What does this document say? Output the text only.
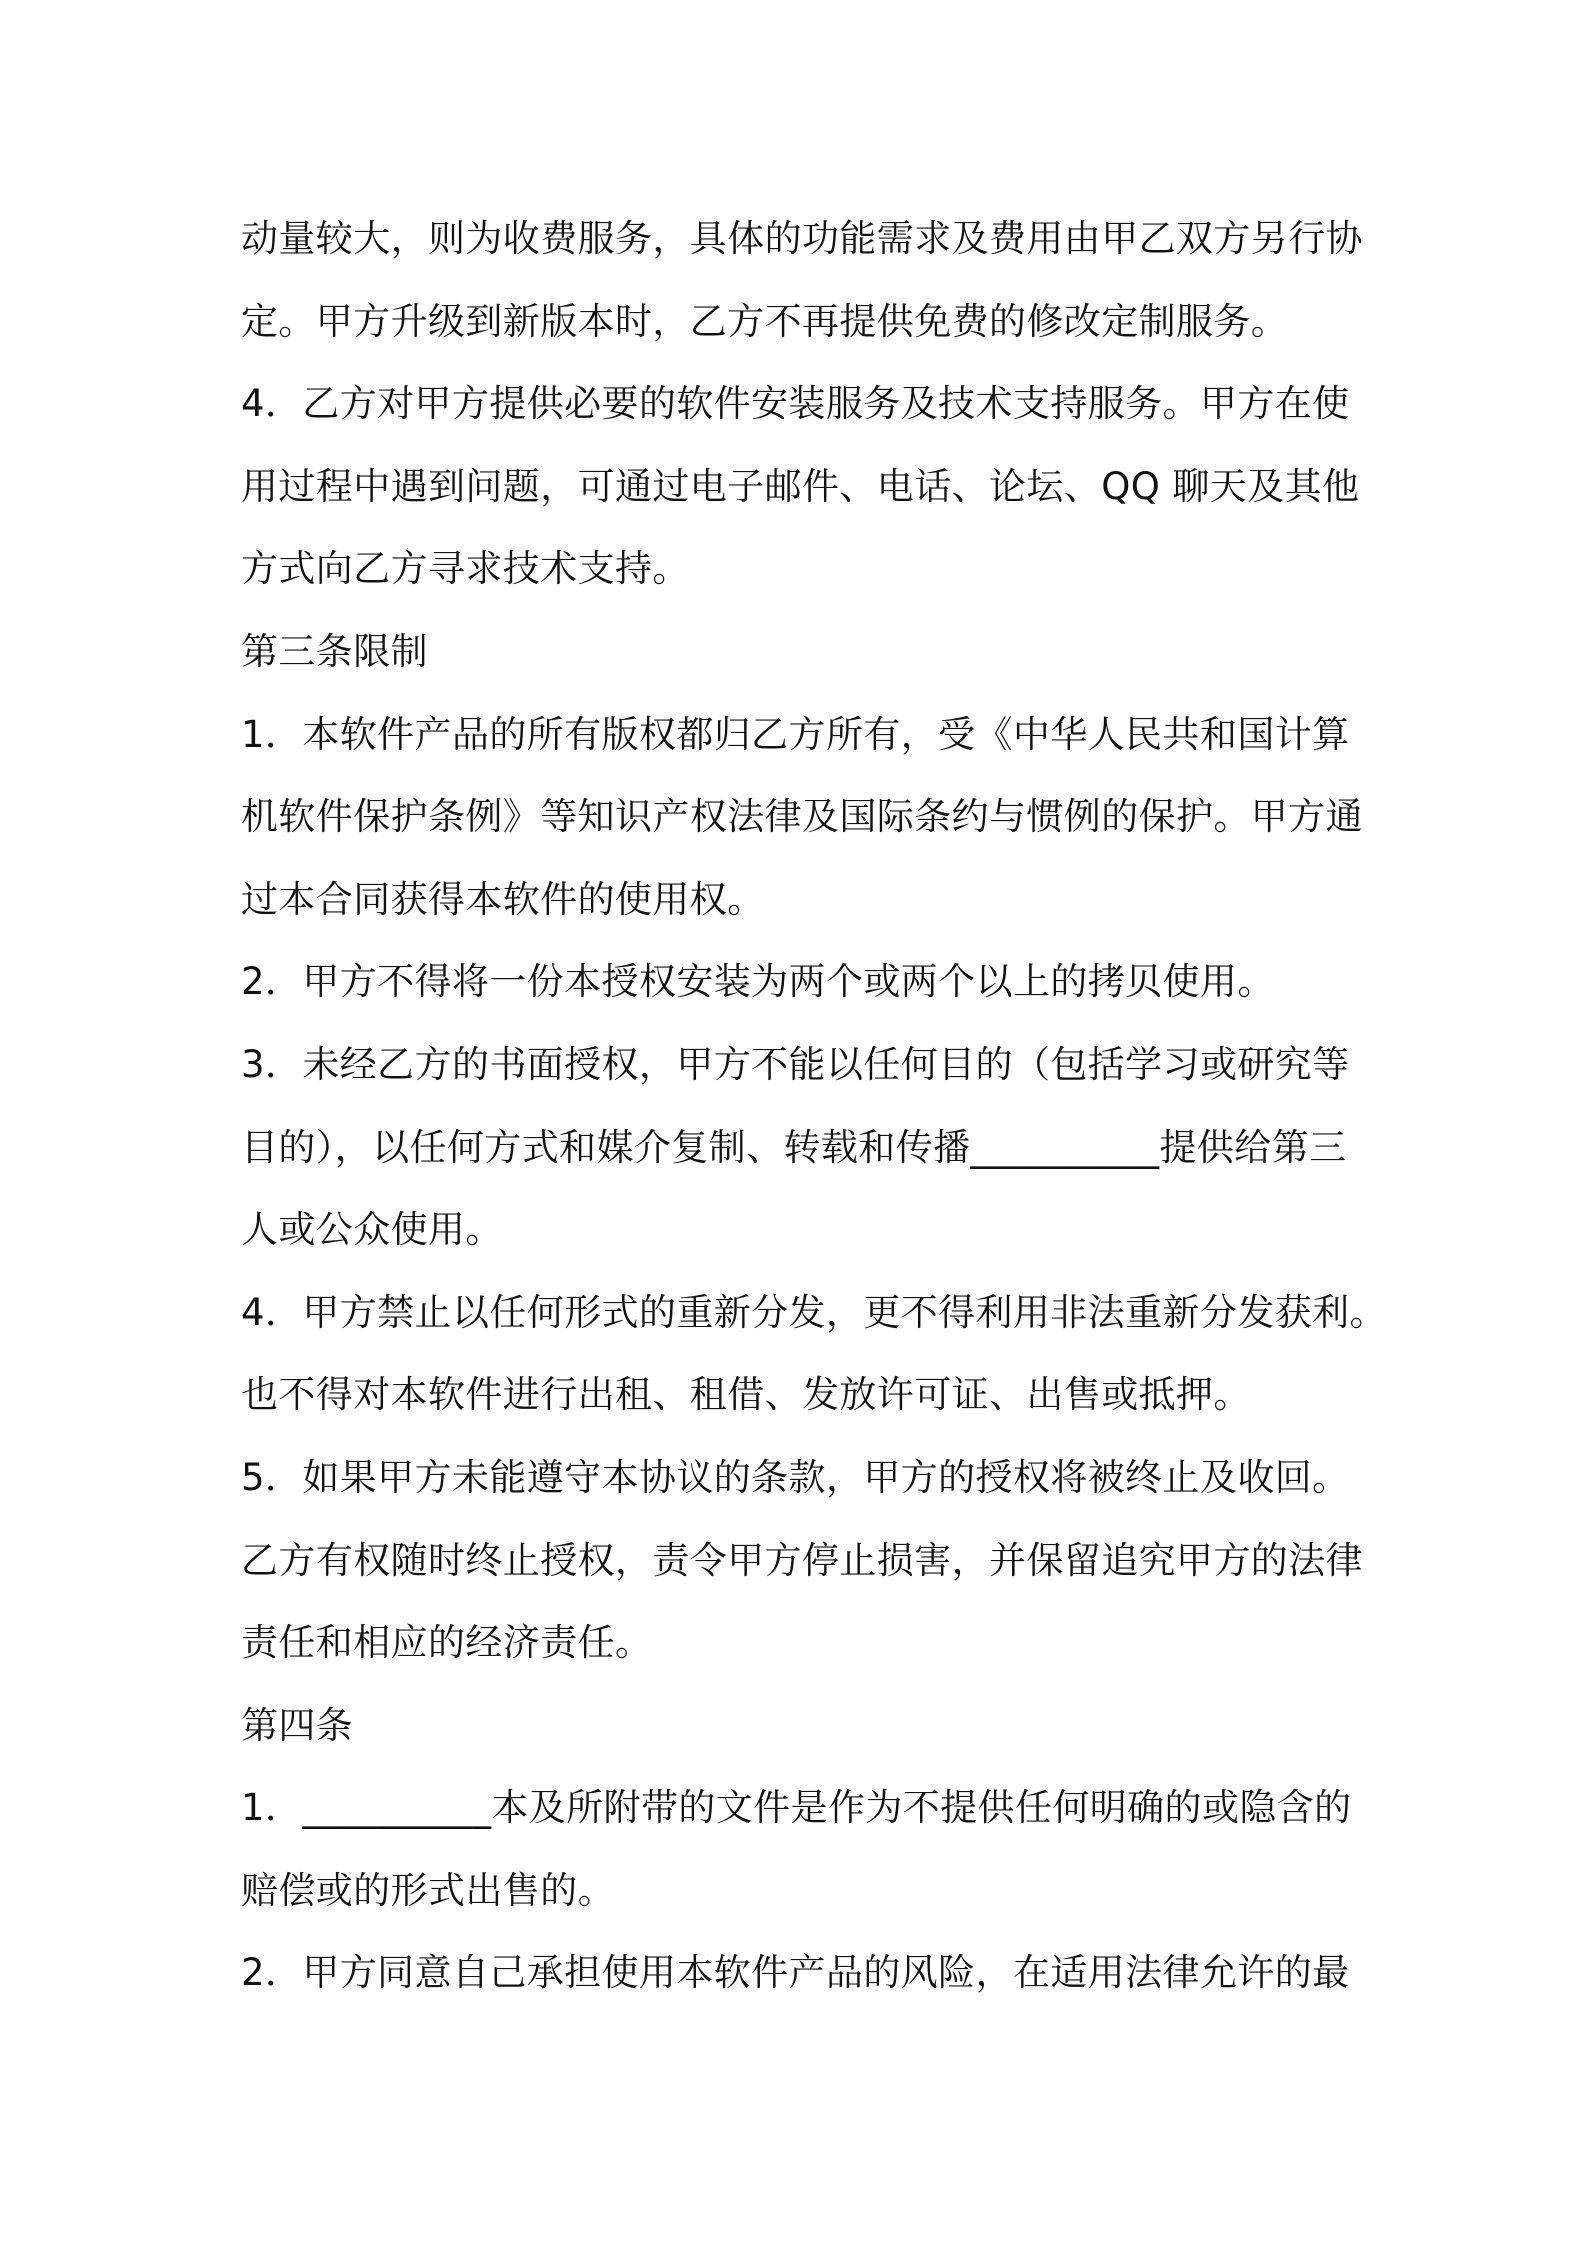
动量较大，则为收费服务，具体的功能需求及费用由甲乙双方另行协
定。甲方升级到新版本时，乙方不再提供免费的修改定制服务。
4．乙方对甲方提供必要的软件安装服务及技术支持服务。甲方在使
用过程中遇到问题，可通过电子邮件、电话、论坛、QQ 聊天及其他
方式向乙方寻求技术支持。
第三条限制
1．本软件产品的所有版权都归乙方所有，受《中华人民共和国计算
机软件保护条例》等知识产权法律及国际条约与惯例的保护。甲方通
过本合同获得本软件的使用权。
2．甲方不得将一份本授权安装为两个或两个以上的拷贝使用。
3．未经乙方的书面授权，甲方不能以任何目的（包括学习或研究等
目的），以任何方式和媒介复制、转载和传播__________提供给第三
人或公众使用。
4．甲方禁止以任何形式的重新分发，更不得利用非法重新分发获利。
也不得对本软件进行出租、租借、发放许可证、出售或抵押。
5．如果甲方未能遵守本协议的条款，甲方的授权将被终止及收回。
乙方有权随时终止授权，责令甲方停止损害，并保留追究甲方的法律
责任和相应的经济责任。
第四条
1．__________本及所附带的文件是作为不提供任何明确的或隐含的
赔偿或的形式出售的。
2．甲方同意自己承担使用本软件产品的风险，在适用法律允许的最
